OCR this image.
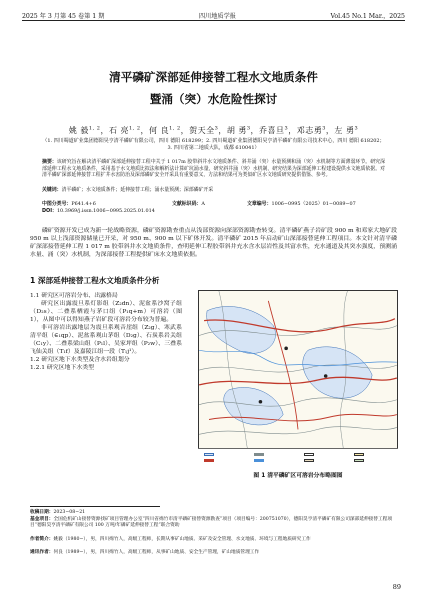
2025 年 3 月第 45 卷第 1 期	四川地质学报	Vol.45 No.1 Mar.，2025
清平磷矿深部延伸接替工程水文地质条件
暨涌（突）水危险性探讨
姚 毅$^{1, 2}$，石 亮$^{1, 2}$，何 良$^{1, 2}$，贺天全$^3$，胡 勇$^3$，乔喜旦$^3$，邓志勇$^3$，左 勇$^3$
（1. 四川蜀道矿业集团德阳昊亨清平磷矿有限公司，四川 德阳 618299；2. 四川蜀道矿业集团德阳昊亨清平磷矿有限公司技术中心，四川 德阳 618202；3. 四川省第二地质大队，成都 610041）
摘要：该研究旨在解决清平磷矿深部延伸接替工程中关于 1 017m 胶带斜井水文地质条件、斜井涌（突）水量预测和涌（突）水机制等方面薄弱环节。研究深部延伸工程水文地质条件，采用基于水文地质比拟法和解析法计算矿坑涌水量，研究斜井涌（突）水机制，研究结果为深部延伸工程建设提供水文地质依据。对清平磷矿深部延伸接替工程扩井水害防治及深部磷矿安全开采具有重要意义，方法和结果可为类似矿区水文地质研究提供借鉴、参考。
关键词：清平磷矿；水文地质条件；延伸接替工程；涌水量预测；深部磷矿开采
中图分类号：P641.4+6	文献标识码：A	文章编号：1006−0995（2025）01−0089−07
DOI：10.3969/j.issn.1006−0995.2025.01.014
磷矿资源开发已成为新一轮战略资源，磷矿资源勘查重点从浅部资源向深部资源勘查转变。清平磷矿燕子岩矿段 900 m 和邓家大地矿段 950 m 以上浅部资源储量已开采，对 950 m、900 m 以下矿体开发。清平磷矿 2015 年启动矿山深部接替延伸工程项目。本文针对清平磷矿深部接替延伸工程 1 017 m 胶带斜井水文地质条件，查明延伸工程胶带斜井充水含水层岩性及其富水性，充水通道及其突水强度，预测涌水量、涌（突）水机制，为深部接替工程提供矿床水文地质依据。
1 深部延伸接替工程水文地质条件分析
1.1 研究区可溶岩分布、出露格局
研究区出露震旦系灯影组（Z₂dn）、泥盆系沙窝子组（D₂s）、二叠系栖霞与茅口组（P₁q+m）可溶岩（图 1），从图中可以得知燕子岩矿段可溶岩分布较为普遍。
非可溶岩出露地层为震旦系观音崖组（Z₂g）、寒武系清平组（∈₁qp）、泥盆系观山茅组（D₂g）、石炭系岩关组（C₁y）、二叠系梁山组（P₁l）、吴家坪组（P₂w）、三叠系飞仙关组（T₁f）及嘉陵江组一段（T₁j¹）。
1.2 研究区地下水类型及含水岩组划分
1.2.1 研究区地下水类型
图 1 清平磷矿区可溶岩分布略图图
收稿日期：2023−08−21
基金项目：全国危机矿山接替资源找矿项目管理办公室“四川省绵竹市清平磷矿接替资源勘查”项目（项目编号：200751070），德阳昊亨清平磷矿有限公司深部延伸接替工程项目“德阳昊亨清平磷矿有限公司 100 万吨/年磷矿延伸接替工程”联合资助
作者简介：姚毅（1980−），男，四川绵竹人，高级工程师，长期从事矿山地质、采矿及安全管理、水文地质、环境与工程地质研究工作
通讯作者：何良（1989−），男，四川绵竹人，高级工程师，从事矿山地质、安全生产管理，矿山地质管理工作
89
